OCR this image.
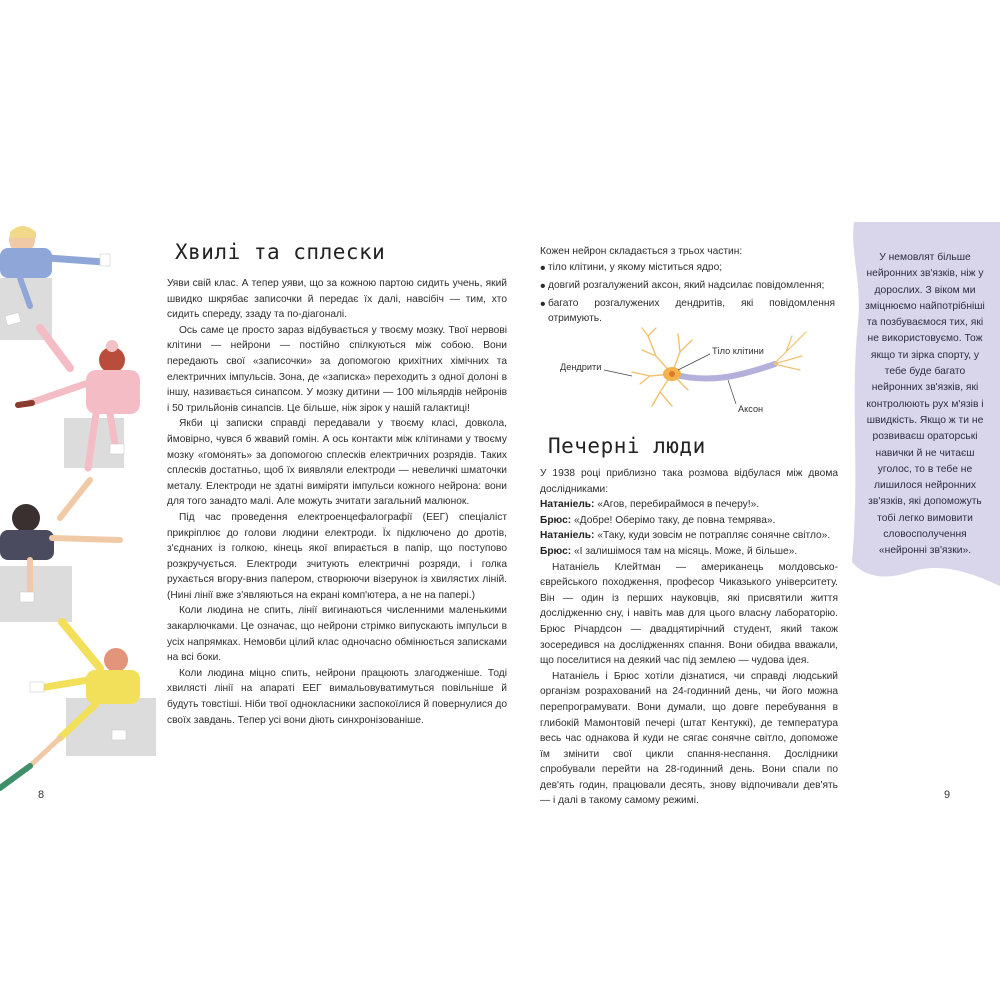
Хвилі та сплески

Уяви свій клас. А тепер уяви, що за кожною партою сидить учень, який швидко шкрябає записочки й передає їх далі, навсібіч — тим, хто сидить спереду, ззаду та по-діагоналі.

Ось саме це просто зараз відбувається у твоєму мозку. Твої нервові клітини — нейрони — постійно спілкуються між собою. Вони передають свої «записочки» за допомогою крихітних хімічних та електричних імпульсів. Зона, де «записка» переходить з одної долоні в іншу, називається синапсом. У мозку дитини — 100 мільярдів нейронів і 50 трильйонів синапсів. Це більше, ніж зірок у нашій галактиці!

Якби ці записки справді передавали у твоєму класі, довкола, ймовірно, чувся б жвавий гомін. А ось контакти між клітинами у твоєму мозку «гомонять» за допомогою сплесків електричних розрядів. Таких сплесків достатньо, щоб їх виявляли електроди — невеличкі шматочки металу. Електроди не здатні виміряти імпульси кожного нейрона: вони для того занадто малі. Але можуть зчитати загальний малюнок.

Під час проведення електроенцефалографії (ЕЕГ) спеціаліст прикріплює до голови людини електроди. Їх підключено до дротів, з'єднаних із голкою, кінець якої впирається в папір, що поступово розкручується. Електроди зчитують електричні розряди, і голка рухається вгору-вниз папером, створюючи візерунок із хвилястих ліній. (Нині лінії вже з'являються на екрані комп'ютера, а не на папері.)

Коли людина не спить, лінії вигинаються численними маленькими закарлючками. Це означає, що нейрони стрімко випускають імпульси в усіх напрямках. Немовби цілий клас одночасно обмінюється записками на всі боки.

Коли людина міцно спить, нейрони працюють злагодженіше. Тоді хвилясті лінії на апараті ЕЕГ вимальовуватимуться повільніше й будуть товстіші. Ніби твої однокласники заспокоїлися й повернулися до своїх завдань. Тепер усі вони діють синхронізованіше.

8

Кожен нейрон складається з трьох частин:

• тіло клітини, у якому міститься ядро;

• довгий розгалужений аксон, який надсилає повідомлення;

• багато розгалужених дендритів, які повідомлення отримують.

Дендрити
Тіло клітини
Аксон
Печерні люди

У 1938 році приблизно така розмова відбулася між двома дослідниками:

Натаніель: «Агов, перебираймося в печеру!».

Брюс: «Добре! Оберімо таку, де повна темрява».

Натаніель: «Таку, куди зовсім не потрапляє сонячне світло».

Брюс: «І залишімося там на місяць. Може, й більше».

Натаніель Клейтман — американець молдовсько-єврейського походження, професор Чиказького університету. Він — один із перших науковців, які присвятили життя дослідженню сну, і навіть мав для цього власну лабораторію. Брюс Річардсон — двадцятирічний студент, який також зосередився на дослідженнях спання. Вони обидва вважали, що поселитися на деякий час під землею — чудова ідея.

Натаніель і Брюс хотіли дізнатися, чи справді людський організм розрахований на 24-годинний день, чи його можна перепрограмувати. Вони думали, що довге перебування в глибокій Мамонтовій печері (штат Кентуккі), де температура весь час однакова й куди не сягає сонячне світло, допоможе їм змінити свої цикли спання-неспання. Дослідники спробували перейти на 28-годинний день. Вони спали по дев'ять годин, працювали десять, знову відпочивали дев'ять — і далі в такому самому режимі.	9
У немовлят більше нейронних зв'язків, ніж у дорослих. З віком ми зміцнюємо найпотрібніші та позбуваємося тих, які не використовуємо. Тож якщо ти зірка спорту, у тебе буде багато нейронних зв'язків, які контролюють рух м'язів і швидкість. Якщо ж ти не розвиваєш ораторські навички й не читаєш уголос, то в тебе не лишилося нейронних зв'язків, які допоможуть тобі легко вимовити словосполучення «нейронні зв'язки».
